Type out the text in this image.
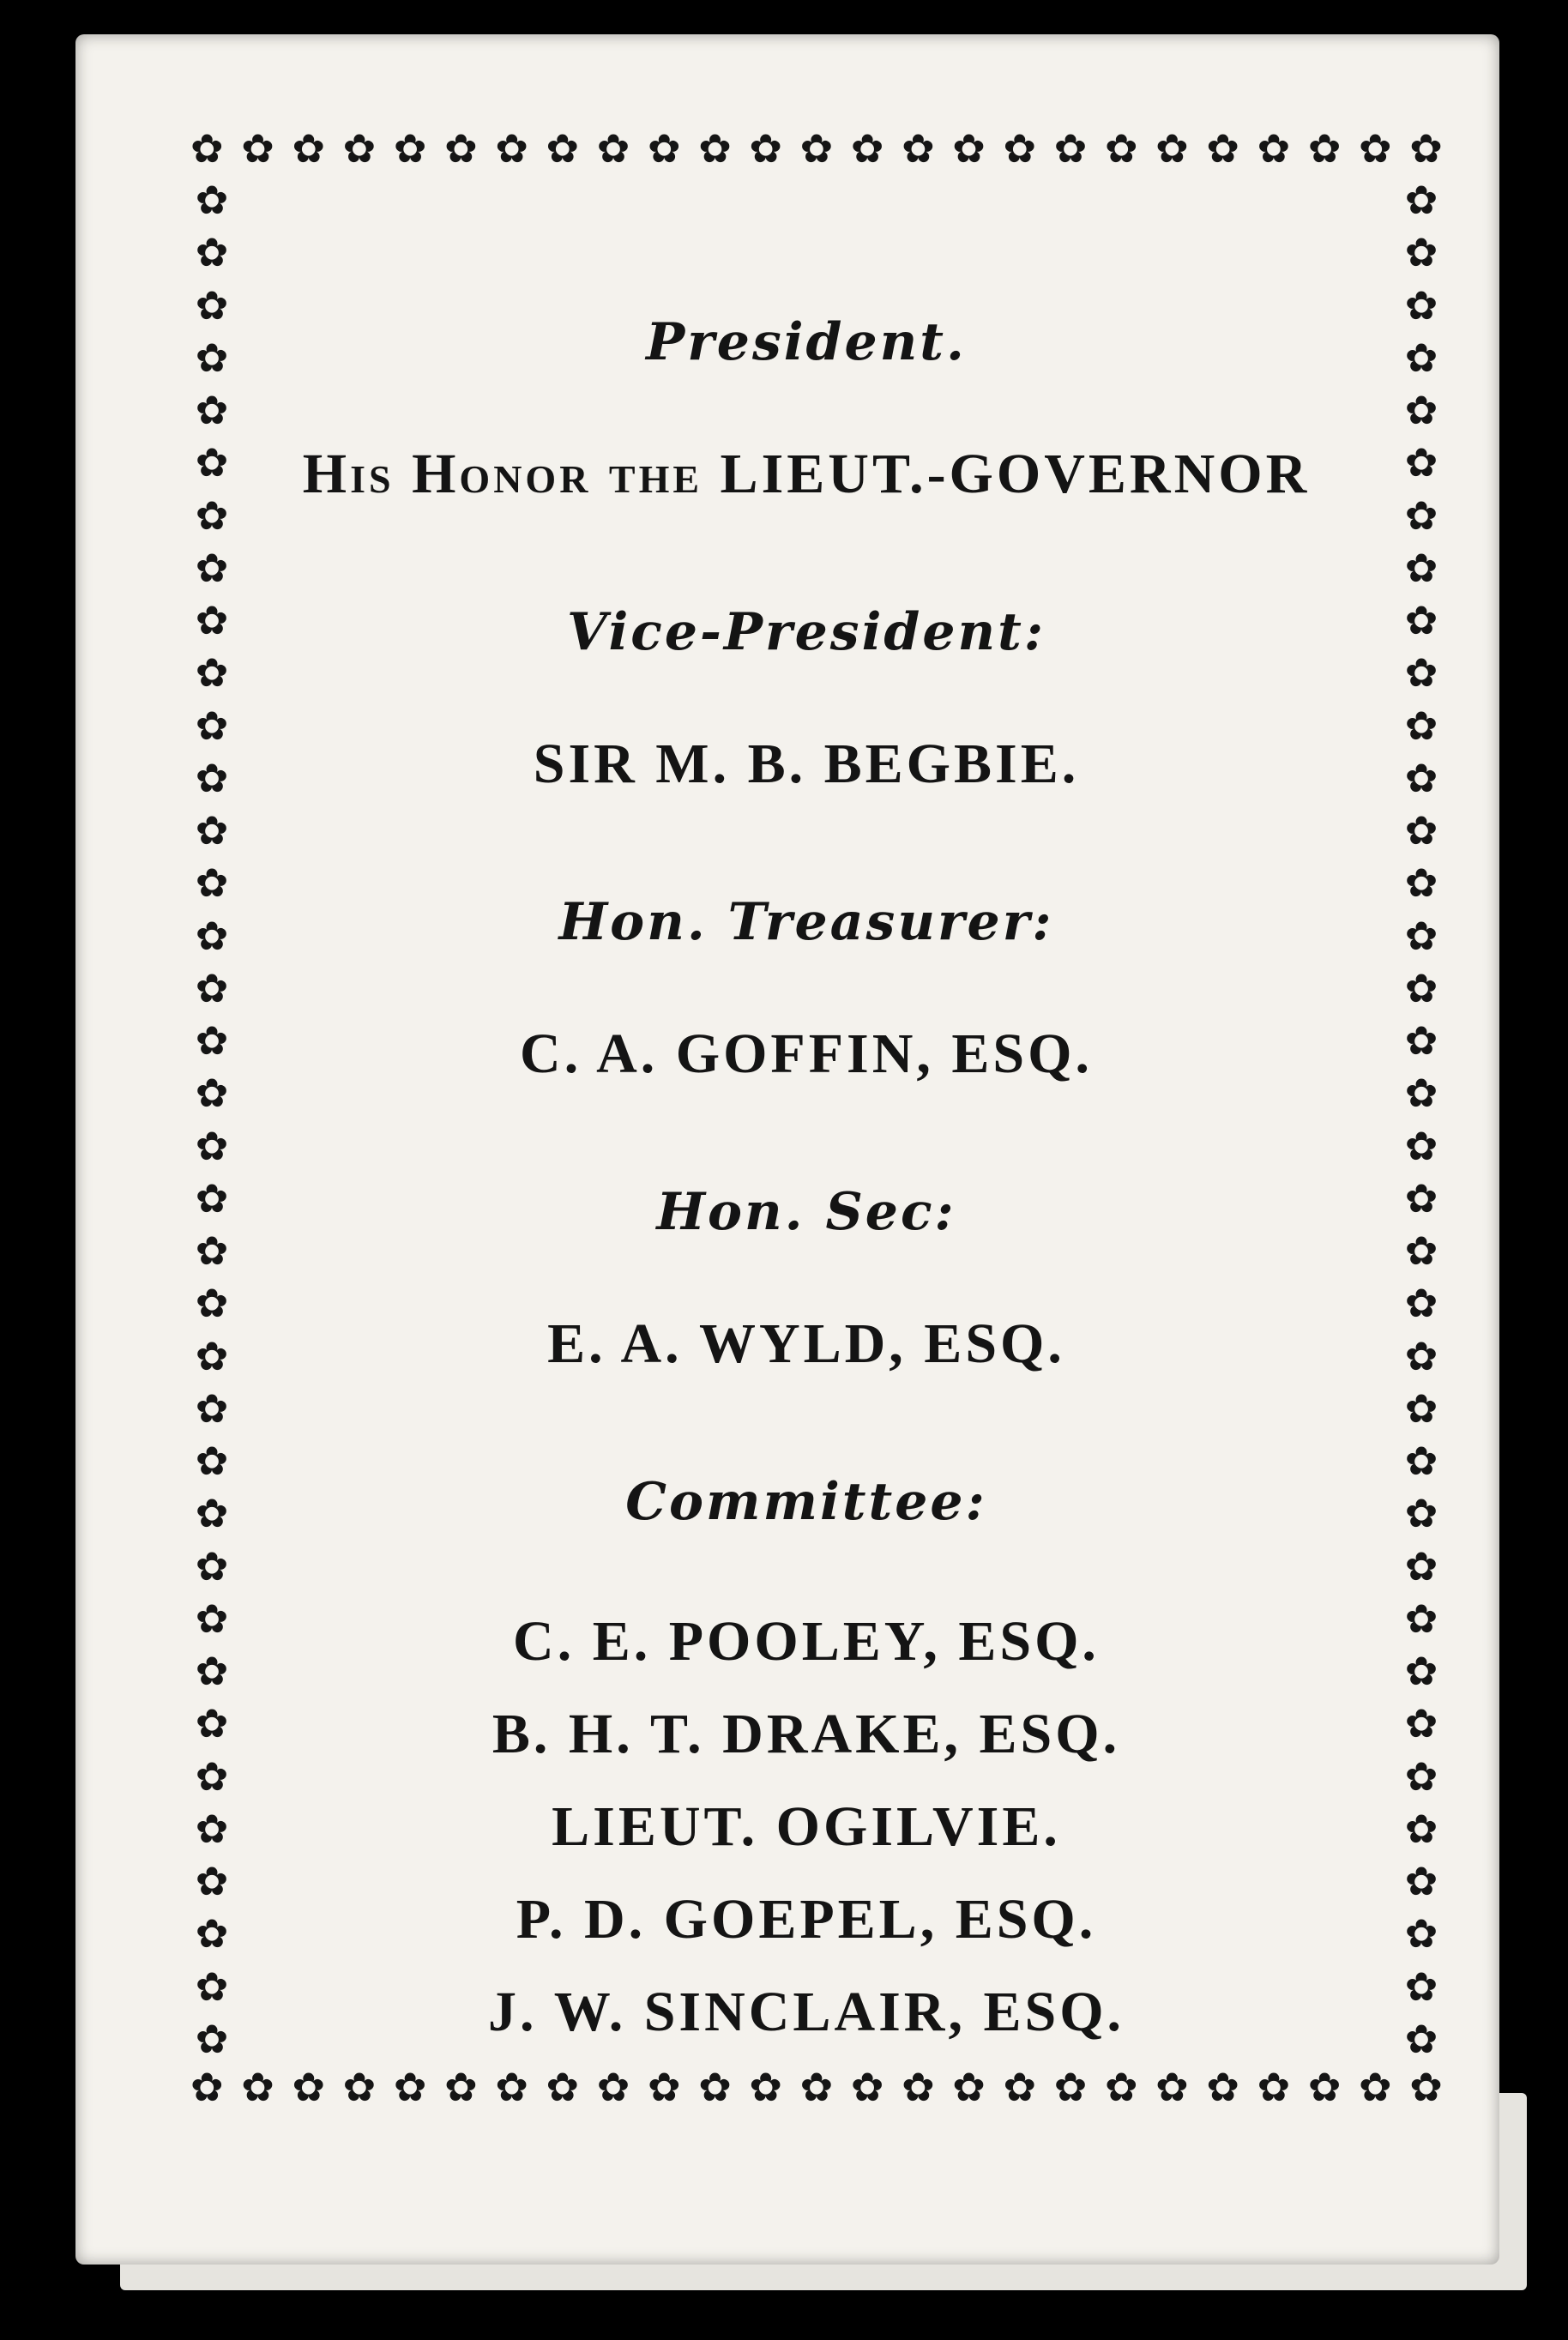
✿ ✿ ✿ ✿ ✿ ✿ ✿ ✿ ✿ ✿ ✿ ✿ ✿ ✿ ✿ ✿ ✿ ✿ ✿ ✿ ✿ ✿ ✿ ✿ ✿
✿ ✿ ✿ ✿ ✿ ✿ ✿ ✿ ✿ ✿ ✿ ✿ ✿ ✿ ✿ ✿ ✿ ✿ ✿ ✿ ✿ ✿ ✿ ✿ ✿
✿
✿
✿
✿
✿
✿
✿
✿
✿
✿
✿
✿
✿
✿
✿
✿
✿
✿
✿
✿
✿
✿
✿
✿
✿
✿
✿
✿
✿
✿
✿
✿
✿
✿
✿
✿
✿
✿
✿
✿
✿
✿
✿
✿
✿
✿
✿
✿
✿
✿
✿
✿
✿
✿
✿
✿
✿
✿
✿
✿
✿
✿
✿
✿
✿
✿
✿
✿
✿
✿
✿
✿

President.

His Honor the LIEUT.-GOVERNOR

Vice-President:

SIR M. B. BEGBIE.

Hon. Treasurer:

C. A. GOFFIN, ESQ.

Hon. Sec:

E. A. WYLD, ESQ.

Committee:

C. E. POOLEY, ESQ.

B. H. T. DRAKE, ESQ.

LIEUT. OGILVIE.

P. D. GOEPEL, ESQ.

J. W. SINCLAIR, ESQ.
